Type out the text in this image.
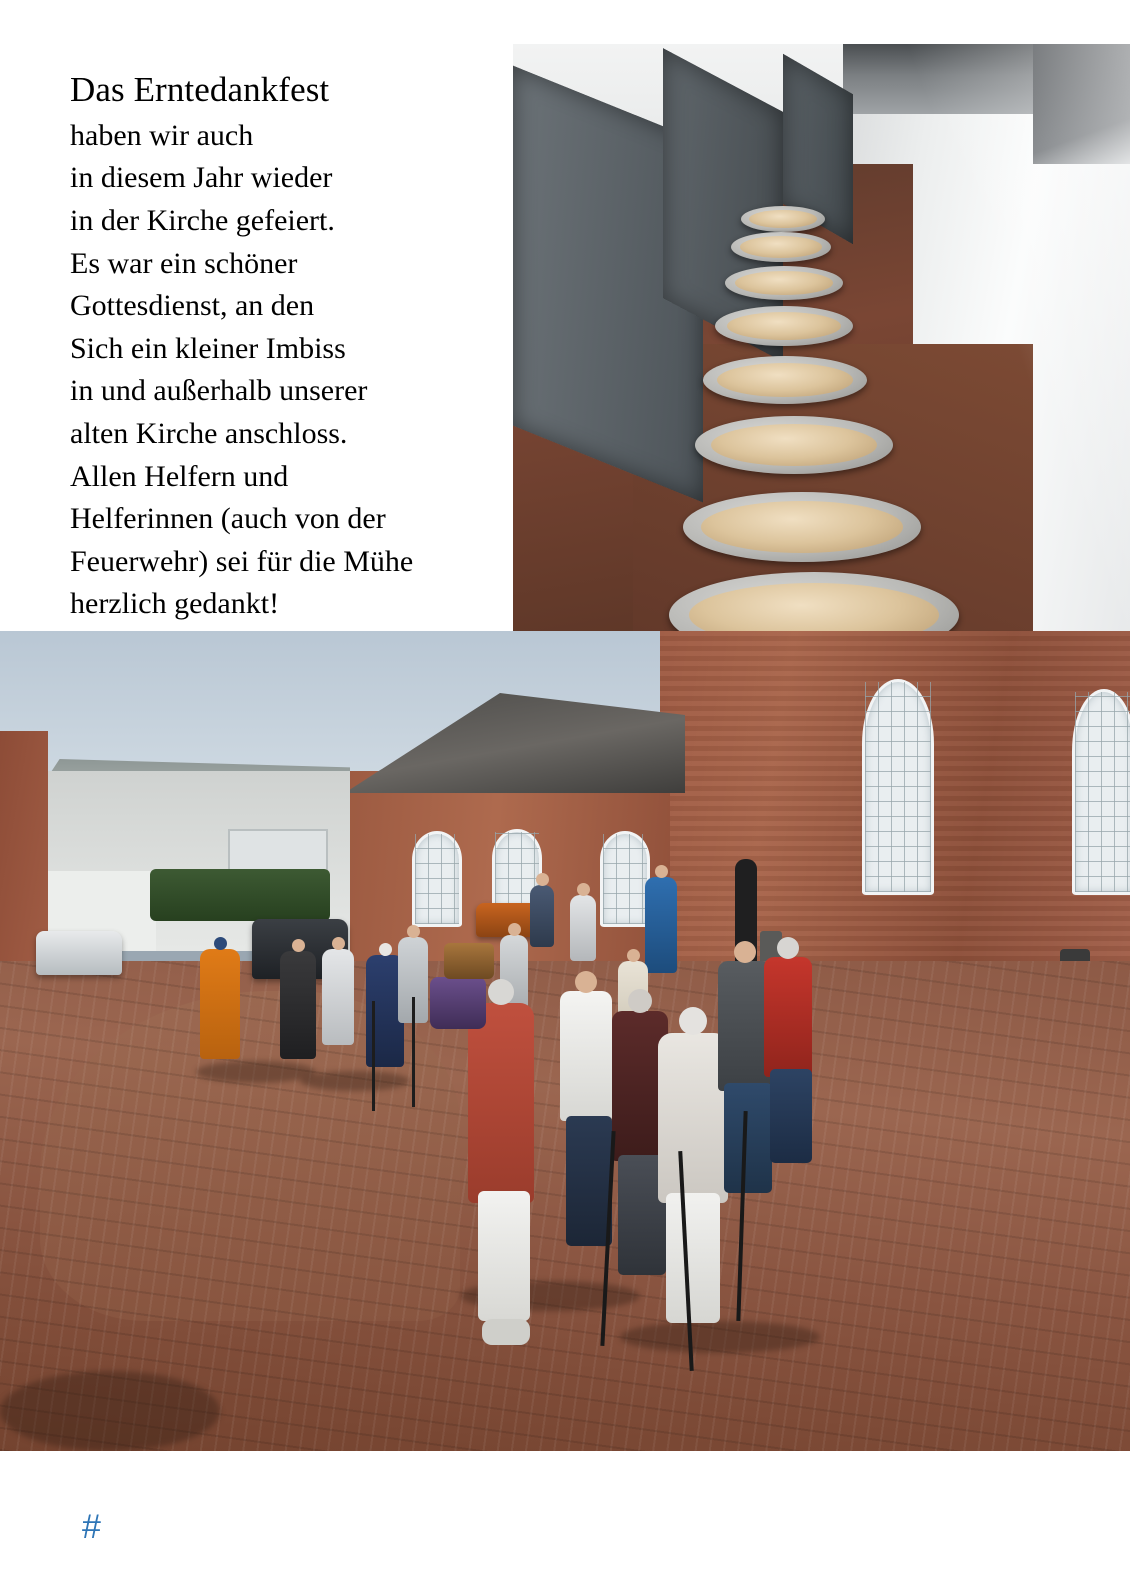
Das Erntedankfest
haben wir auch
in diesem Jahr wieder
in der Kirche gefeiert.
Es war ein schöner
Gottesdienst, an den
Sich ein kleiner Imbiss
in und außerhalb unserer
alten Kirche anschloss.
Allen Helfern und
Helferinnen (auch von der
Feuerwehr) sei für die Mühe
herzlich gedankt!
#
